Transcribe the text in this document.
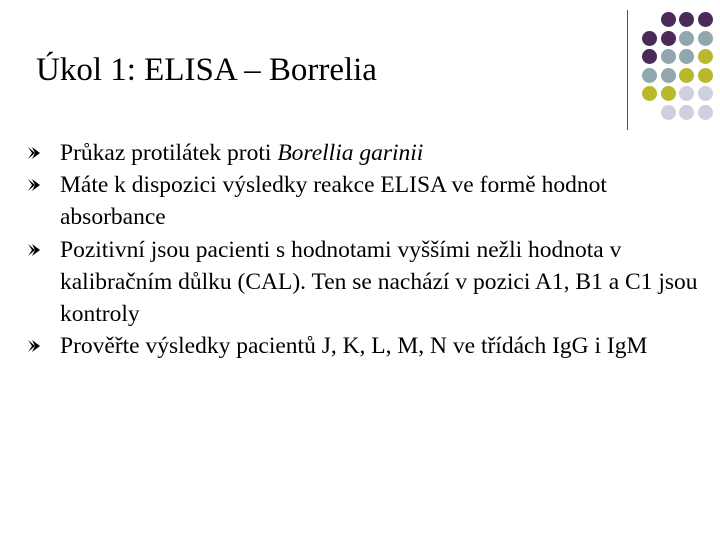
Úkol 1: ELISA – Borrelia
Průkaz protilátek proti Borellia garinii
Máte k dispozici výsledky reakce ELISA ve formě hodnot absorbance
Pozitivní jsou pacienti s hodnotami vyššími nežli hodnota v kalibračním důlku (CAL). Ten se nachází v pozici A1, B1 a C1 jsou kontroly
Prověřte výsledky pacientů J, K, L, M, N ve třídách IgG i IgM
